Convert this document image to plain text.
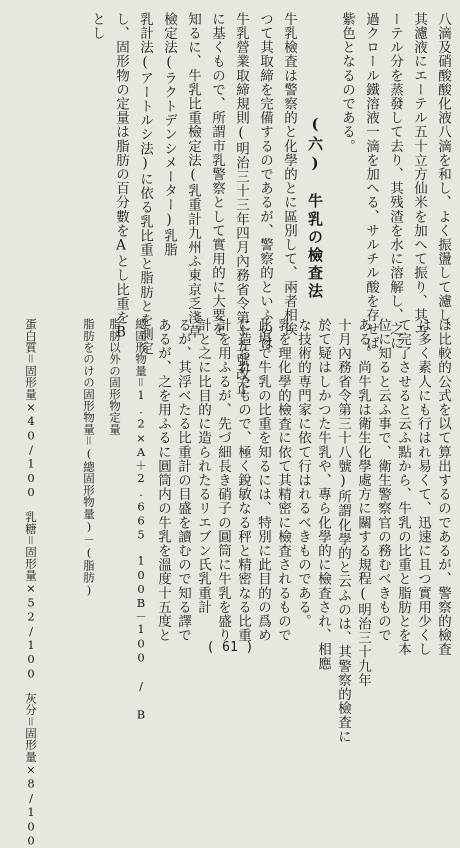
八滴及硝酸酸化液八滴を和し、よく振盪して濾し、
其濾液にエーテル五十立方仙米を加へて振り、其エ
ーテル分を蒸發して去り、其残渣を水に溶解し、之に
過クロール鐵溶液一滴を加へる、サルチル酸を存せば
紫色となるのである。
(六)　牛乳の檢査法
牛乳檢査は警察的と化學的とに區別して、兩者相俟
つて其取締を完備するのであるが、警察的といふのは
牛乳營業取締規則(明治三十三年四月內務省令第十五號改正
に基くもので、所謂市乳警察として實用的に大要を
知るに、牛乳比重檢定法(乳重計九州ふ東京乏淺草
檢定法(ラクトデンシメーター)乳脂
乳計法(アートルシ法)に依る乳比重と脂肪とを測定
し、固形物の定量は脂肪の百分數をAとし比重をB
とし
總固形物量＝1.2×A＋2.665　100B－100 / B
脂肪以外の固形物定量
脂肪をのけの固形物量＝(總固形物量)－(脂肪)
蛋白質＝固形量×40/100　乳糖＝固形量×52/100　灰分＝固形量×8/100	は比較的公式を以て算出するのであるが、警察的檢査
は多く素人にも行はれ易くて、迅速に且つ實用少くし
て完了させると云ふ點から、牛乳の比重と脂肪とを本
位に知ると云ふ事で、衛生警察官の務むべきもので
ある。尚牛乳は衛生化學處方に關する規程(明治三十九年
十月內務省令第三十八號)所謂化學的と云ふのは、其警察的檢査に
於て疑はしかつた牛乳や、專ら化學的に檢査され、相應
な技術的専門家に依て行はれるべきものである。
乳を理化學的檢査に依て其精密に檢査されるもので
此場で牛乳の比重を知るには、特別に此目的の爲め
に造られたもので、極く銳敏なる秤と精密なる比重
計を用ふるが、先づ細長き硝子の圓筒に牛乳を盛り
計と之に比目的に造られたるリエブン氏乳重計
るが、其浮べたる比重計の目盛を讀むので知る譯で
あるが、之を用ふるに圓筒内の牛乳を溫度十五度と
( 61 )
